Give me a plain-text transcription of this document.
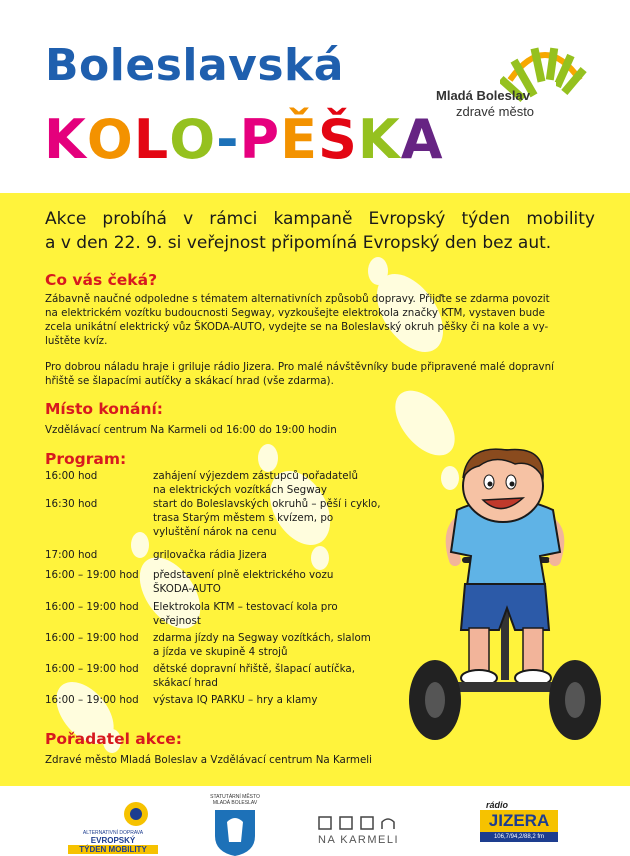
Boleslavská
KOLO-PĚŠKA
Mladá Boleslav
zdravé město
Akce probíhá v rámci kampaně Evropský týden mobility
a v den 22. 9. si veřejnost připomíná Evropský den bez aut.
Co vás čeká?
Zábavně naučné odpoledne s tématem alternativních způsobů dopravy. Přijďte se zdarma povozit
na elektrickém vozítku budoucnosti Segway, vyzkoušejte elektrokola značky KTM, vystaven bude
zcela unikátní elektrický vůz ŠKODA-AUTO, vydejte se na Boleslavský okruh pěšky či na kole a vy-
luštěte kvíz.
Pro dobrou náladu hraje i griluje rádio Jizera. Pro malé návštěvníky bude připravené malé dopravní
hřiště se šlapacími autíčky a skákací hrad (vše zdarma).
Místo konání:
Vzdělávací centrum Na Karmeli od 16:00 do 19:00 hodin
Program:
16:00 hod	zahájení výjezdem zástupců pořadatelů
na elektrických vozítkách Segway
16:30 hod	start do Boleslavských okruhů – pěší i cyklo,
trasa Starým městem s kvízem, po
vyluštění nárok na cenu
17:00 hod	grilovačka rádia Jizera
16:00 – 19:00 hod	představení plně elektrického vozu
ŠKODA-AUTO
16:00 – 19:00 hod	Elektrokola KTM – testovací kola pro
veřejnost
16:00 – 19:00 hod	zdarma jízdy na Segway vozítkách, slalom
a jízda ve skupině 4 strojů
16:00 – 19:00 hod	dětské dopravní hřiště, šlapací autíčka,
skákací hrad
16:00 – 19:00 hod	výstava IQ PARKU – hry a klamy
Pořadatel akce:
Zdravé město Mladá Boleslav a Vzdělávací centrum Na Karmeli
ALTERNATIVNÍ DOPRAVA
EVROPSKÝ
TÝDEN MOBILITY
STATUTÁRNÍ MĚSTO
MLADÁ BOLESLAV
NA KARMELI
rádio
JIZERA
106,7/94,2/88,2 fm
